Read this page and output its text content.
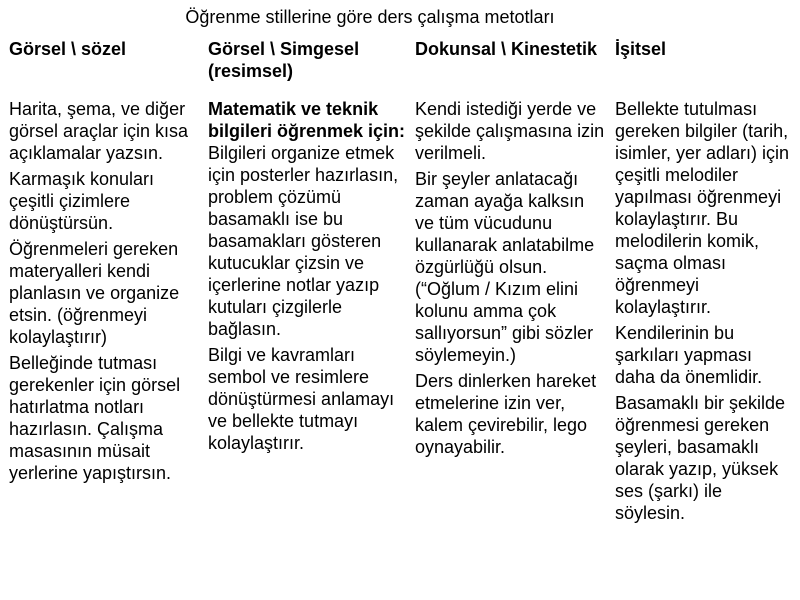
Öğrenme stillerine göre ders çalışma metotları
Görsel \ sözel

Harita, şema, ve diğer görsel araçlar için kısa açıklamalar yazsın.

Karmaşık konuları çeşitli çizimlere dönüştürsün.

Öğrenmeleri gereken materyalleri kendi planlasın ve organize etsin. (öğrenmeyi kolaylaştırır)

Belleğinde tutması gerekenler için görsel hatırlatma notları hazırlasın. Çalışma masasının müsait yerlerine yapıştırsın.

Görsel \ Simgesel (resimsel)

Matematik ve teknik bilgileri öğrenmek için: Bilgileri organize etmek için posterler hazırlasın, problem çözümü basamaklı ise bu basamakları gösteren kutucuklar çizsin ve içerlerine notlar yazıp kutuları çizgilerle bağlasın.

Bilgi ve kavramları sembol ve resimlere dönüştürmesi anlamayı ve bellekte tutmayı kolaylaştırır.

Dokunsal \ Kinestetik

Kendi istediği yerde ve şekilde çalışmasına izin verilmeli.

Bir şeyler anlatacağı zaman ayağa kalksın ve tüm vücudunu kullanarak anlatabilme özgürlüğü olsun. (“Oğlum / Kızım elini kolunu amma çok sallıyorsun” gibi sözler söylemeyin.)

Ders dinlerken hareket etmelerine izin ver, kalem çevirebilir, lego oynayabilir.

İşitsel

Bellekte tutulması gereken bilgiler (tarih, isimler, yer adları) için çeşitli melodiler yapılması öğrenmeyi kolaylaştırır. Bu melodilerin komik, saçma olması öğrenmeyi kolaylaştırır.

Kendilerinin bu şarkıları yapması daha da önemlidir.

Basamaklı bir şekilde öğrenmesi gereken şeyleri, basamaklı olarak yazıp, yüksek ses (şarkı) ile söylesin.
